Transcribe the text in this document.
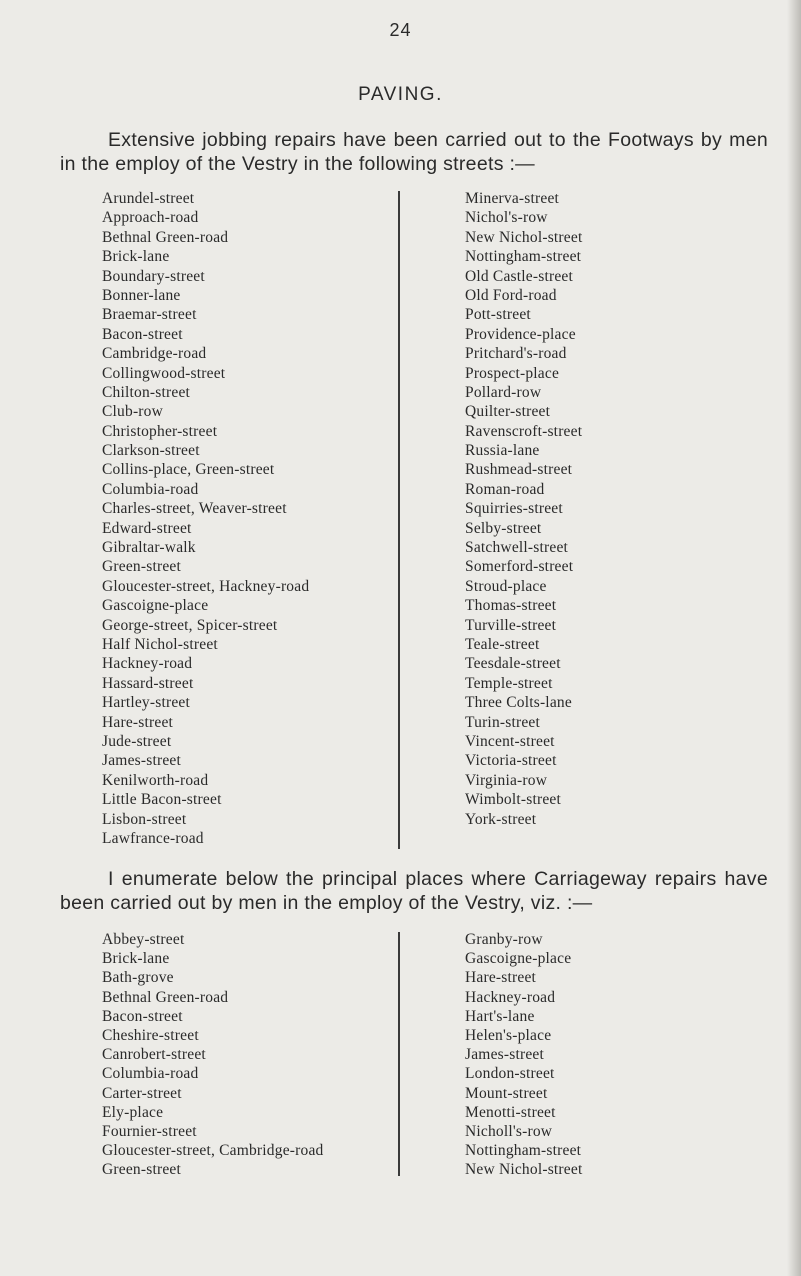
24
PAVING.
Extensive jobbing repairs have been carried out to the Footways by men in the employ of the Vestry in the following streets :—
Arundel-street
Approach-road
Bethnal Green-road
Brick-lane
Boundary-street
Bonner-lane
Braemar-street
Bacon-street
Cambridge-road
Collingwood-street
Chilton-street
Club-row
Christopher-street
Clarkson-street
Collins-place, Green-street
Columbia-road
Charles-street, Weaver-street
Edward-street
Gibraltar-walk
Green-street
Gloucester-street, Hackney-road
Gascoigne-place
George-street, Spicer-street
Half Nichol-street
Hackney-road
Hassard-street
Hartley-street
Hare-street
Jude-street
James-street
Kenilworth-road
Little Bacon-street
Lisbon-street
Lawfrance-road
Minerva-street
Nichol's-row
New Nichol-street
Nottingham-street
Old Castle-street
Old Ford-road
Pott-street
Providence-place
Pritchard's-road
Prospect-place
Pollard-row
Quilter-street
Ravenscroft-street
Russia-lane
Rushmead-street
Roman-road
Squirries-street
Selby-street
Satchwell-street
Somerford-street
Stroud-place
Thomas-street
Turville-street
Teale-street
Teesdale-street
Temple-street
Three Colts-lane
Turin-street
Vincent-street
Victoria-street
Virginia-row
Wimbolt-street
York-street
I enumerate below the principal places where Carriageway repairs have been carried out by men in the employ of the Vestry, viz. :—
Abbey-street
Brick-lane
Bath-grove
Bethnal Green-road
Bacon-street
Cheshire-street
Canrobert-street
Columbia-road
Carter-street
Ely-place
Fournier-street
Gloucester-street, Cambridge-road
Green-street
Granby-row
Gascoigne-place
Hare-street
Hackney-road
Hart's-lane
Helen's-place
James-street
London-street
Mount-street
Menotti-street
Nicholl's-row
Nottingham-street
New Nichol-street
